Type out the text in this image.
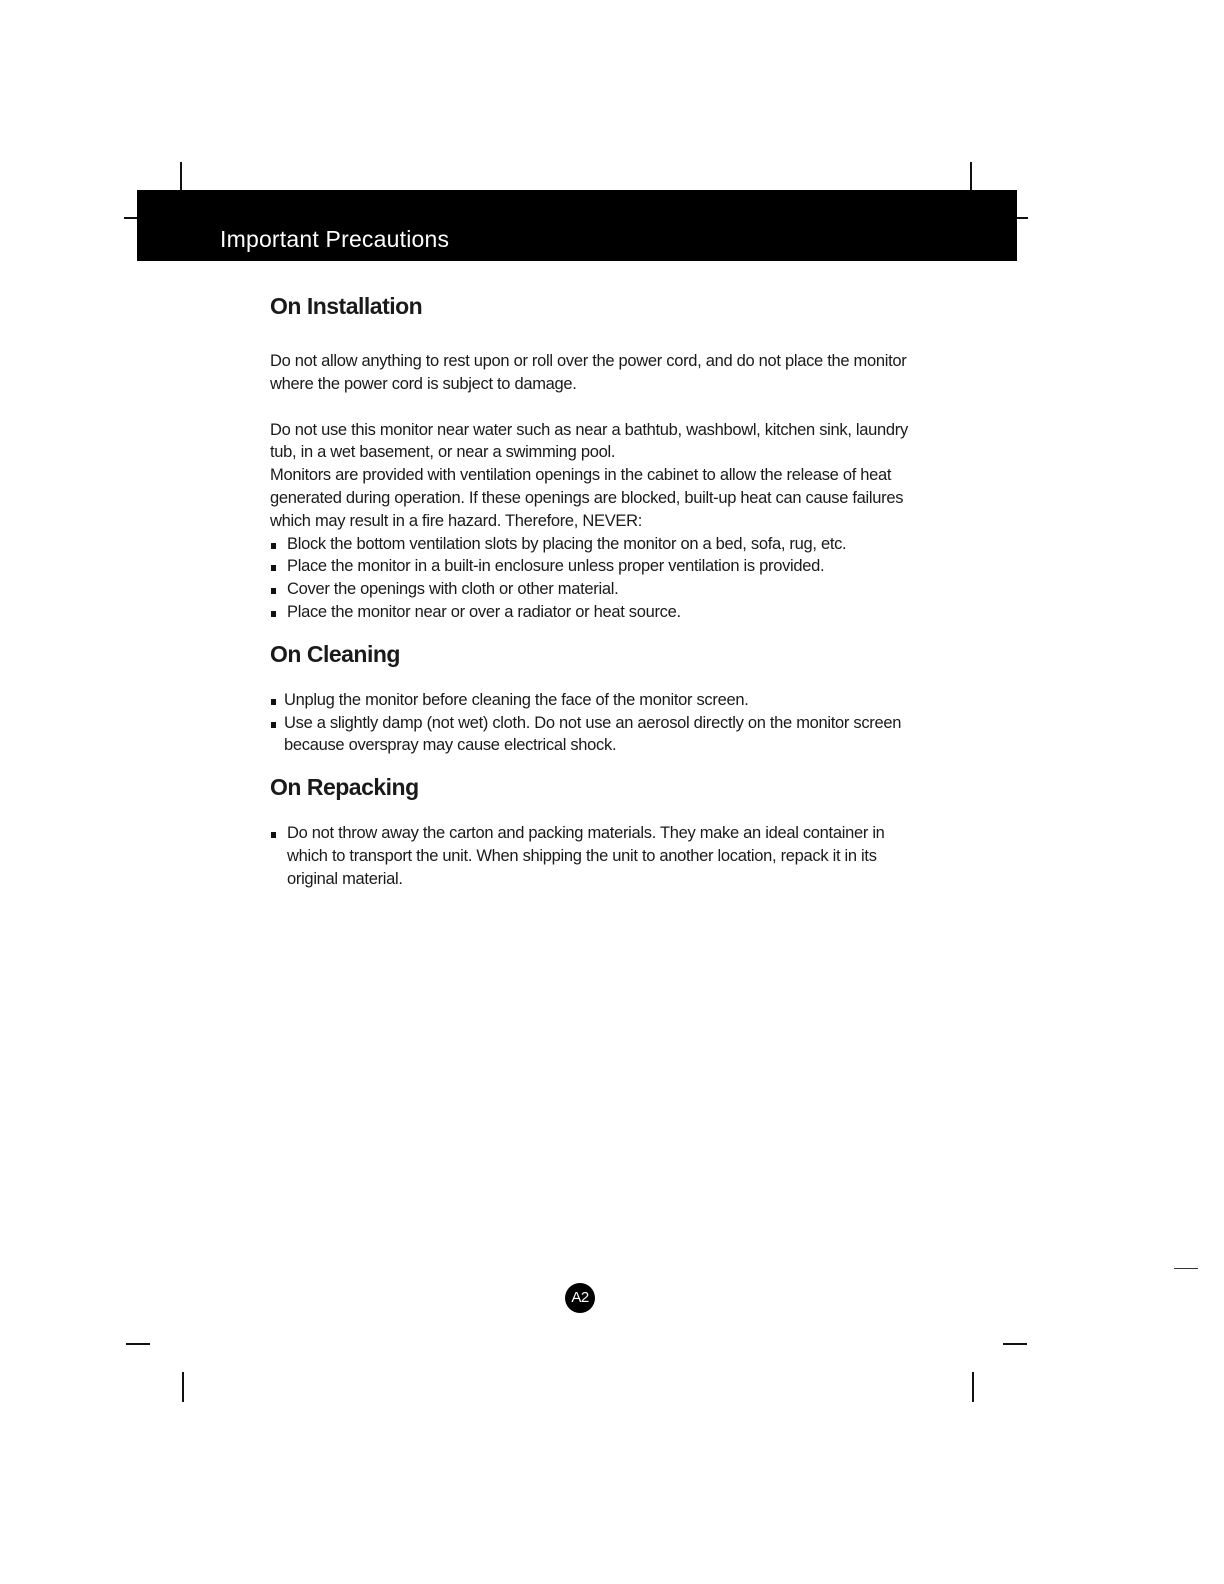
Important Precautions
On Installation

Do not allow anything to rest upon or roll over the power cord, and do not place the monitor where the power cord is subject to damage.

Do not use this monitor near water such as near a bathtub, washbowl, kitchen sink, laundry tub, in a wet basement, or near a swimming pool.

Monitors are provided with ventilation openings in the cabinet to allow the release of heat generated during operation. If these openings are blocked, built-up heat can cause failures which may result in a fire hazard. Therefore, NEVER:

Block the bottom ventilation slots by placing the monitor on a bed, sofa, rug, etc.
Place the monitor in a built-in enclosure unless proper ventilation is provided.
Cover the openings with cloth or other material.
Place the monitor near or over a radiator or heat source.
On Cleaning
Unplug the monitor before cleaning the face of the monitor screen.
Use a slightly damp (not wet) cloth. Do not use an aerosol directly on the monitor screen because overspray may cause electrical shock.
On Repacking
Do not throw away the carton and packing materials. They make an ideal container in which to transport the unit. When shipping the unit to another location, repack it in its original material.
A2
